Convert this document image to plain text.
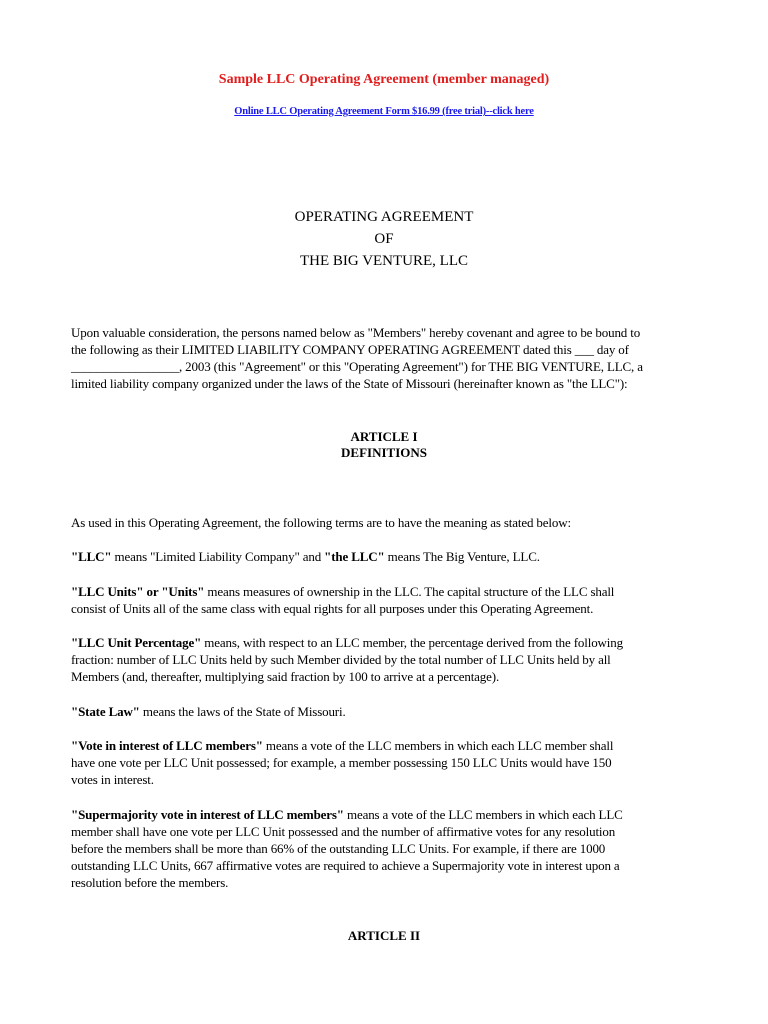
Sample LLC Operating Agreement (member managed)
Online LLC Operating Agreement Form $16.99 (free trial)--click here
OPERATING AGREEMENT
OF
THE BIG VENTURE, LLC
Upon valuable consideration, the persons named below as "Members" hereby covenant and agree to be bound to
the following as their LIMITED LIABILITY COMPANY OPERATING AGREEMENT dated this ___ day of
_________________, 2003 (this "Agreement" or this "Operating Agreement") for THE BIG VENTURE, LLC, a
limited liability company organized under the laws of the State of Missouri (hereinafter known as "the LLC"):
ARTICLE I
DEFINITIONS
As used in this Operating Agreement, the following terms are to have the meaning as stated below:
"LLC" means "Limited Liability Company" and "the LLC" means The Big Venture, LLC.
"LLC Units" or "Units" means measures of ownership in the LLC. The capital structure of the LLC shall
consist of Units all of the same class with equal rights for all purposes under this Operating Agreement.
"LLC Unit Percentage" means, with respect to an LLC member, the percentage derived from the following
fraction: number of LLC Units held by such Member divided by the total number of LLC Units held by all
Members (and, thereafter, multiplying said fraction by 100 to arrive at a percentage).
"State Law" means the laws of the State of Missouri.
"Vote in interest of LLC members" means a vote of the LLC members in which each LLC member shall
have one vote per LLC Unit possessed; for example, a member possessing 150 LLC Units would have 150
votes in interest.
"Supermajority vote in interest of LLC members" means a vote of the LLC members in which each LLC
member shall have one vote per LLC Unit possessed and the number of affirmative votes for any resolution
before the members shall be more than 66% of the outstanding LLC Units. For example, if there are 1000
outstanding LLC Units, 667 affirmative votes are required to achieve a Supermajority vote in interest upon a
resolution before the members.
ARTICLE II
